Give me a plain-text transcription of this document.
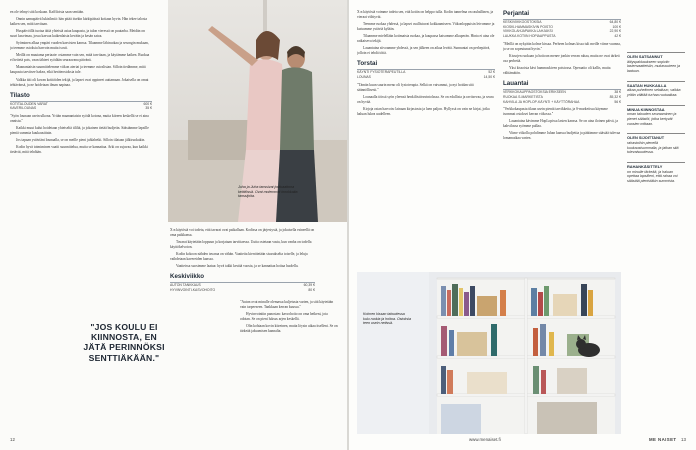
Juha ja Juha tanssivat jouluaattona keittiössä. Ovat molemmat innokkaita tanssijoita.

en ole tehnyt sitä koskaan. Kaffiloista saan sentään.

Onnin aamupäivä lukisilmiä: hän pitää itsekin kärkipäässä kotiaan hyvin. Hän tekee talosta kaiken sen, mitä tarvitaan.

Huspäivöillä tuotaa äitiä yhteistä asiaa kaupasta, ja talon vieressä on puutarha. Meidän on suuri kasvimaa, jossa kasvaa kaikenlaista kevään ja kesän satoa.

Syöminen alkaa ympäri vuoden kasvisten kanssa. Tilaamme lähiruokaa ja sesongin mukaan, ja teemme ostoksia harvoin mutta isosti.

Meillä on muutama periaate: ostamme vain sen, mitä tarvitaan, ja käytämme kaiken. Ruokaa ei heitetä pois, vaan tähteet syödään seuraavana päivänä.

Maanantaisin suunnittelemme viikon ateriat ja teemme ostoslistan. Silloin tiedämme, mitä kaupasta tarvitsee hakea, eikä heräteostoksia tule.

Valkka äiti oli kovan kotitöiden tekijä, ja lapset ovat oppineet auttamaan. Jokaisella on omat tehtävänsä, ja ne hoidetaan ilman napinaa.

Tilasto
KOTITALOUDEN VARAT	600 €
KAVERILOUNAS	35 €

"Syön lounaan usein ulkona. Yritän maanantaisin syödä kotona, mutta kiireen keskellä se ei aina onnistu."

Kaikki muut kulut hoidetaan yhteiseltä tililtä, ja jokainen tietää budjetin. Säästämme lapsille pieniä summia kuukausittain.

Jos tapaan ystäviäni lounaalla, se on meille pieni juhlahetki. Silloin tilataan jälkiruokakin.

Kodin hyvä toimiminen vaatii suunnittelua, mutta se kannattaa. Arki on sujuvaa, kun kaikki tietävät, mitä tehdään.

X:n käytöstä voi todeta, että tavarat ovat paikallaan. Kodissa on järjestystä, ja jokaisella esineellä on oma paikkansa.

Tavarat käytetään loppuun ja korjataan tarvittaessa. Uutta ostetaan vasta, kun vanha on todella käyttökelvoton.

Kodin kokoon nähden tavaraa on vähän. Vaatteita kierrätetään sisarukselta toiselle, ja leluja vaihdetaan kavereiden kanssa.

Vaatteissa suosimme laatua: hyvä takki kestää vuosia, ja se kannattaa hoitaa huolella.

Keskiviikko
AUTON TANKKAUS	60,39 €
HYVINVOINTI-KASVOHOITO	80 €
"JOS KOULU EI KIINNOSTA, EN JÄTÄ PERINNÖKSI SENTTIÄKÄÄN."

"Auton ovat minulle olemassa kuljetusta varten, ja sitä käytetään vain tarpeeseen. Tankkaan kerran kuussa."

Hyvinvointiin panostan: kasvohoito on oma hetkeni, jota odotan. Se on pieni luksus arjen keskellä.

Olin kohtaan kovin kiireinen, mutta löysin aikaa itselleni. Se on tärkeää jaksamisen kannalta.

12

X:n käytöstä voimme todeta sen, että kotiin on helppo tulla. Kodin tunnelma on rauhallinen, ja vieraat viihtyvät.

Teemme ruokaa yhdessä, ja lapset osallistuvat kokkaamiseen. Viikonloppuisin leivomme ja kutsumme ystäviä kylään.

Tilaamme mielellään kotimaista ruokaa, ja kaupassa katsomme alkuperän. Hinta ei aina ole ratkaiseva tekijä.

Lauantaina siivoamme yhdessä, ja sen jälkeen on aikaa levätä. Sunnuntai on perhepäivä, jolloin ei tehdä töitä.

Torstai
KÄYNTI FYSIOTERAPEUTILLA	52 €
LOUNAS	14,50 €

"Tämän kuun suurin meno oli fysioterapia. Selkä on vaivannut, ja nyt hoidan sitä säännöllisesti."

Lounaalla töissä syön yleensä henkilöstöravintolassa. Se on edullista ja ravitsevaa, ja seura on hyvää.

Kirjoja ostan harvoin: lainaan kirjastosta ja luen paljon. Hyllyssä on vain ne kirjat, jotka haluan lukea uudelleen.

Perjantai
KESKIVIIKKOOSTOKSIA	64,80 €
KIOSKI-HAMMASKIVIN POISTO	100 €
VIIKKOLAHJAPAKKA LAHJAKSI	22,90 €
LAUKKA KOTIIN HOPIAAPPUSTA	42 €

"Meillä on nykyään kolme kissaa. Perheen kolmas kissa tuli meille viime vuonna, ja se on sopeutunut hyvin."

Kissojen ruokaan ja hoitoon menee jonkin verran rahaa, mutta ne ovat tärkeä osa perhettä.

Yksi kissoista kävi hammaskiven poistossa. Operaatio oli kallis, mutta välttämätön.

Lauantai
VERKKOKAUPPAOSTOKSIA ERIKSEEN	38 €
RUOKAA S-MARKETISTA	85,32 €
KAHVILA JA HOPLOP-KÄYNTI + KÄYTTÖRAHAA	56 €

"Verkkokaupasta tilaan usein pieniä tarvikkeita, ja S-marketissa käymme isommat ostokset kerran viikossa."

Lauantaina kävimme HopLopissa lasten kanssa. Se on aina iloinen päivä, ja kahvilassa syömme pullaa.

Viime viikolla pohdimme Juhan kanssa budjettia ja päätimme säästää tulevaa lomamatkaa varten.

Kolmen kissan taloudessa kulu ruokia ja hoitoa. Ostoksia teen usein netissä.
www.menaiset.fi	ME NAISET 13
OLEN SATSANNUT
äitiyspakkaukseen sopiviin lastenvaatteisiin, mukavuuteen ja laatuun.
SAATAN HUKKAILLA
aikaa puhelimen selailuun, vaikka yritän välttää turhaa ruutuaikaa.
MINUA KIINNOSTAA
oman talouden seuraaminen ja pienet säästöt, jotka kertyvät vuosien mittaan.
OLEN SIJOITTANUT
rahastoihin pienellä kuukausisummalla, ja jatkan sitä tulevaisuudessa.
RAHANKÄSITTELY
on minulle tärkeää, ja haluan opettaa lapsilleni, että rahaa voi säästää pienistäkin summista.
